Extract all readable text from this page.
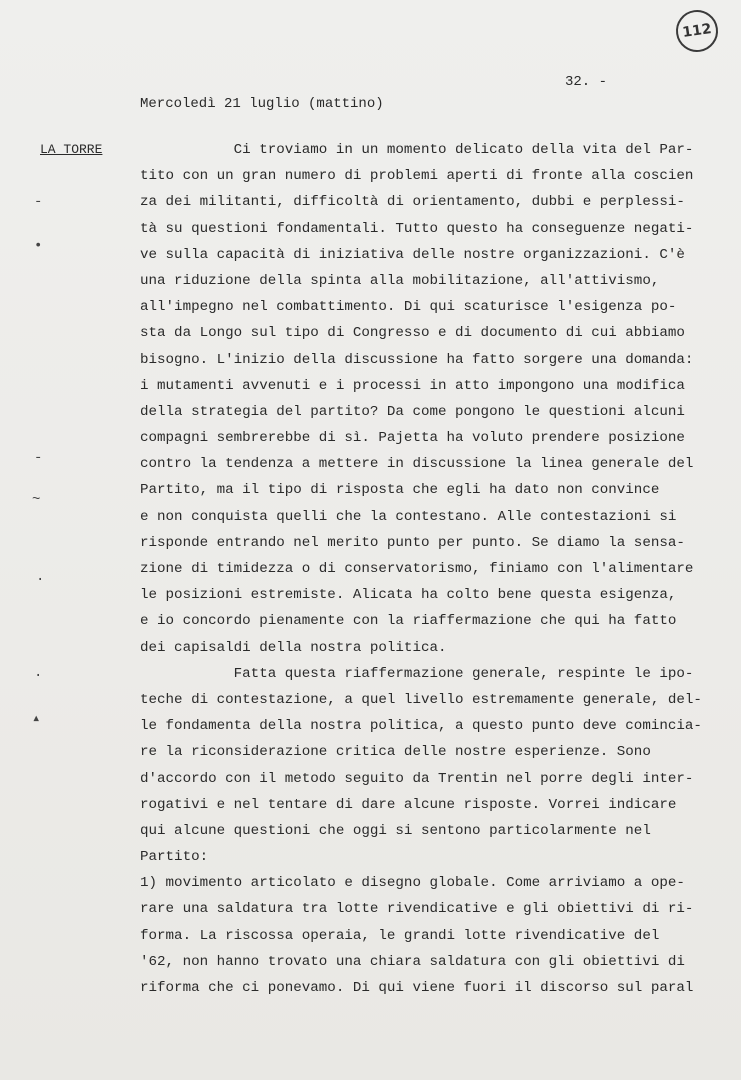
112
32. -
Mercoledì 21 luglio (mattino)
LA TORRE
-
•
-
~
·
·
▴
Ci troviamo in un momento delicato della vita del Par-
tito con un gran numero di problemi aperti di fronte alla coscien
za dei militanti, difficoltà di orientamento, dubbi e perplessi-
tà su questioni fondamentali. Tutto questo ha conseguenze negati-
ve sulla capacità di iniziativa delle nostre organizzazioni. C'è
una riduzione della spinta alla mobilitazione, all'attivismo,
all'impegno nel combattimento. Di qui scaturisce l'esigenza po-
sta da Longo sul tipo di Congresso e di documento di cui abbiamo
bisogno. L'inizio della discussione ha fatto sorgere una domanda:
i mutamenti avvenuti e i processi in atto impongono una modifica
della strategia del partito? Da come pongono le questioni alcuni
compagni sembrerebbe di sì. Pajetta ha voluto prendere posizione
contro la tendenza a mettere in discussione la linea generale del
Partito, ma il tipo di risposta che egli ha dato non convince
e non conquista quelli che la contestano. Alle contestazioni si
risponde entrando nel merito punto per punto. Se diamo la sensa-
zione di timidezza o di conservatorismo, finiamo con l'alimentare
le posizioni estremiste. Alicata ha colto bene questa esigenza,
e io concordo pienamente con la riaffermazione che qui ha fatto
dei capisaldi della nostra politica.
Fatta questa riaffermazione generale, respinte le ipo-
teche di contestazione, a quel livello estremamente generale, del-
le fondamenta della nostra politica, a questo punto deve comincia-
re la riconsiderazione critica delle nostre esperienze. Sono
d'accordo con il metodo seguito da Trentin nel porre degli inter-
rogativi e nel tentare di dare alcune risposte. Vorrei indicare
qui alcune questioni che oggi si sentono particolarmente nel
Partito:
1) movimento articolato e disegno globale. Come arriviamo a ope-
rare una saldatura tra lotte rivendicative e gli obiettivi di ri-
forma. La riscossa operaia, le grandi lotte rivendicative del
'62, non hanno trovato una chiara saldatura con gli obiettivi di
riforma che ci ponevamo. Di qui viene fuori il discorso sul paral
